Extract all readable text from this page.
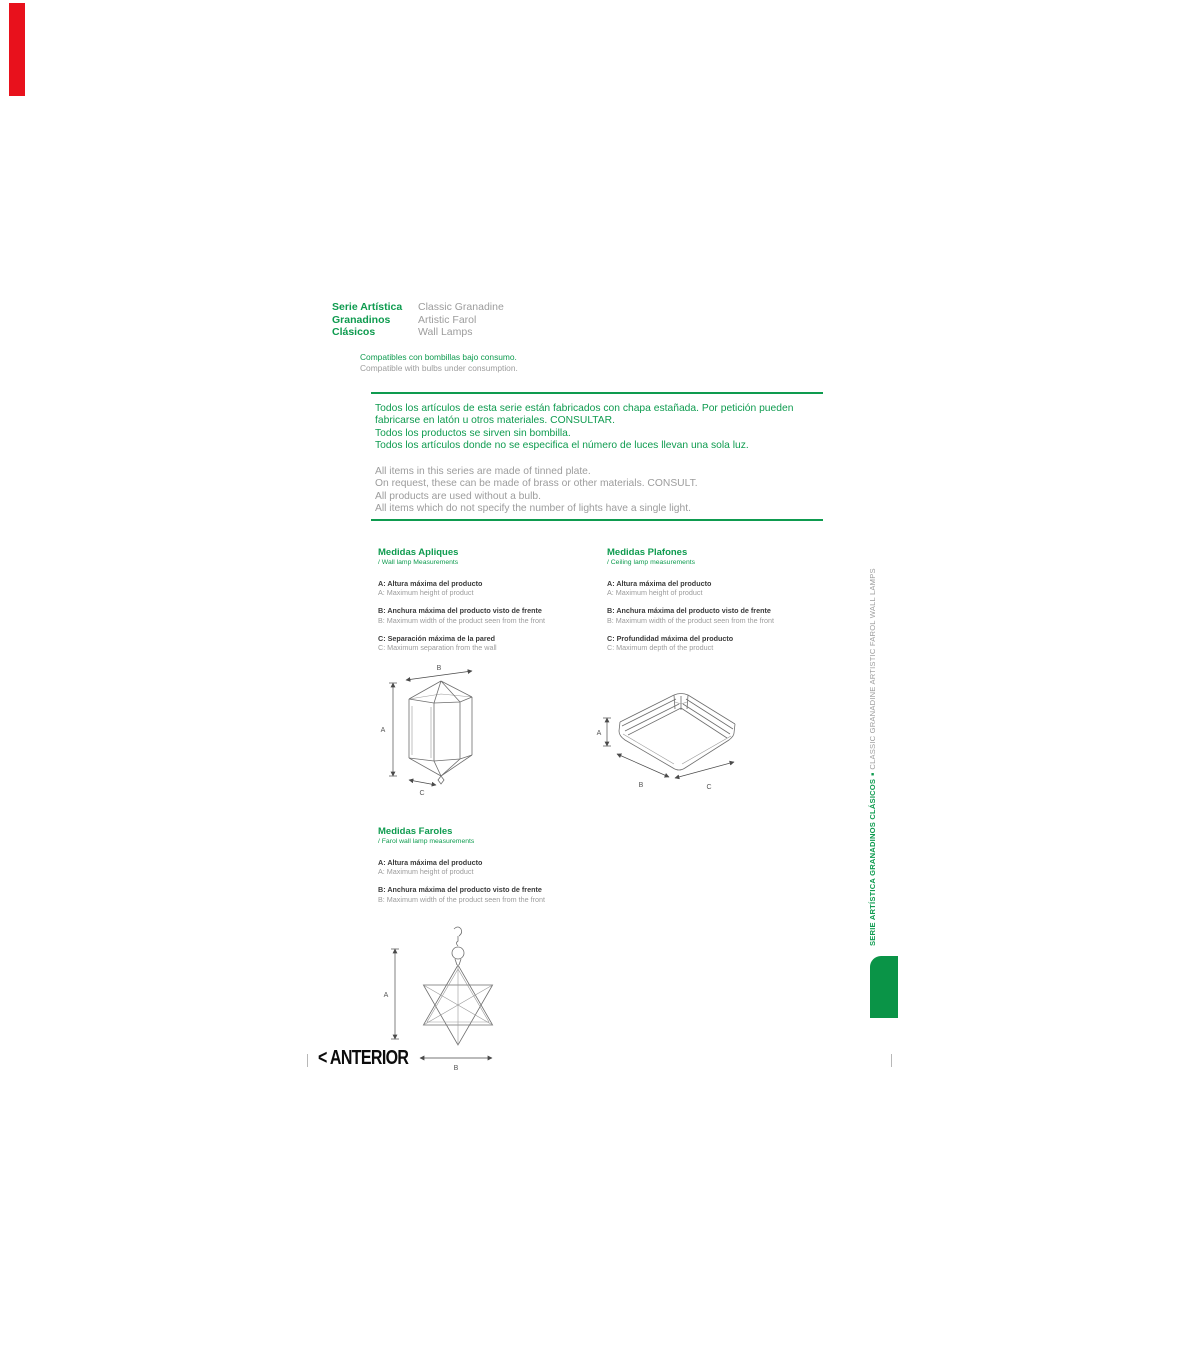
Serie Artística
Granadinos
Clásicos
Classic Granadine
Artistic Farol
Wall Lamps
Compatibles con bombillas bajo consumo.
Compatible with bulbs under consumption.
Todos los artículos de esta serie están fabricados con chapa estañada. Por petición pueden
fabricarse en latón u otros materiales. CONSULTAR.
Todos los productos se sirven sin bombilla.
Todos los artículos donde no se especifica el número de luces llevan una sola luz.
All items in this series are made of tinned plate.
On request, these can be made of brass or other materials. CONSULT.
All products are used without a bulb.
All items which do not specify the number of lights have a single light.
Medidas Apliques
/ Wall lamp Measurements
A: Altura máxima del producto
A: Maximum height of product
B: Anchura máxima del producto visto de frente
B: Maximum width of the product seen from the front
C: Separación máxima de la pared
C: Maximum separation from the wall
Medidas Plafones
/ Ceiling lamp measurements
A: Altura máxima del producto
A: Maximum height of product
B: Anchura máxima del producto visto de frente
B: Maximum width of the product seen from the front
C: Profundidad máxima del producto
C: Maximum depth of the product
B
A
C
A
B	C
Medidas Faroles
/ Farol wall lamp measurements
A: Altura máxima del producto
A: Maximum height of product
B: Anchura máxima del producto visto de frente
B: Maximum width of the product seen from the front
A
B
SERIE ARTÍSTICA GRANADINOS CLÁSICOS■CLASSIC GRANADINE ARTISTIC FAROL WALL LAMPS
< ANTERIOR
